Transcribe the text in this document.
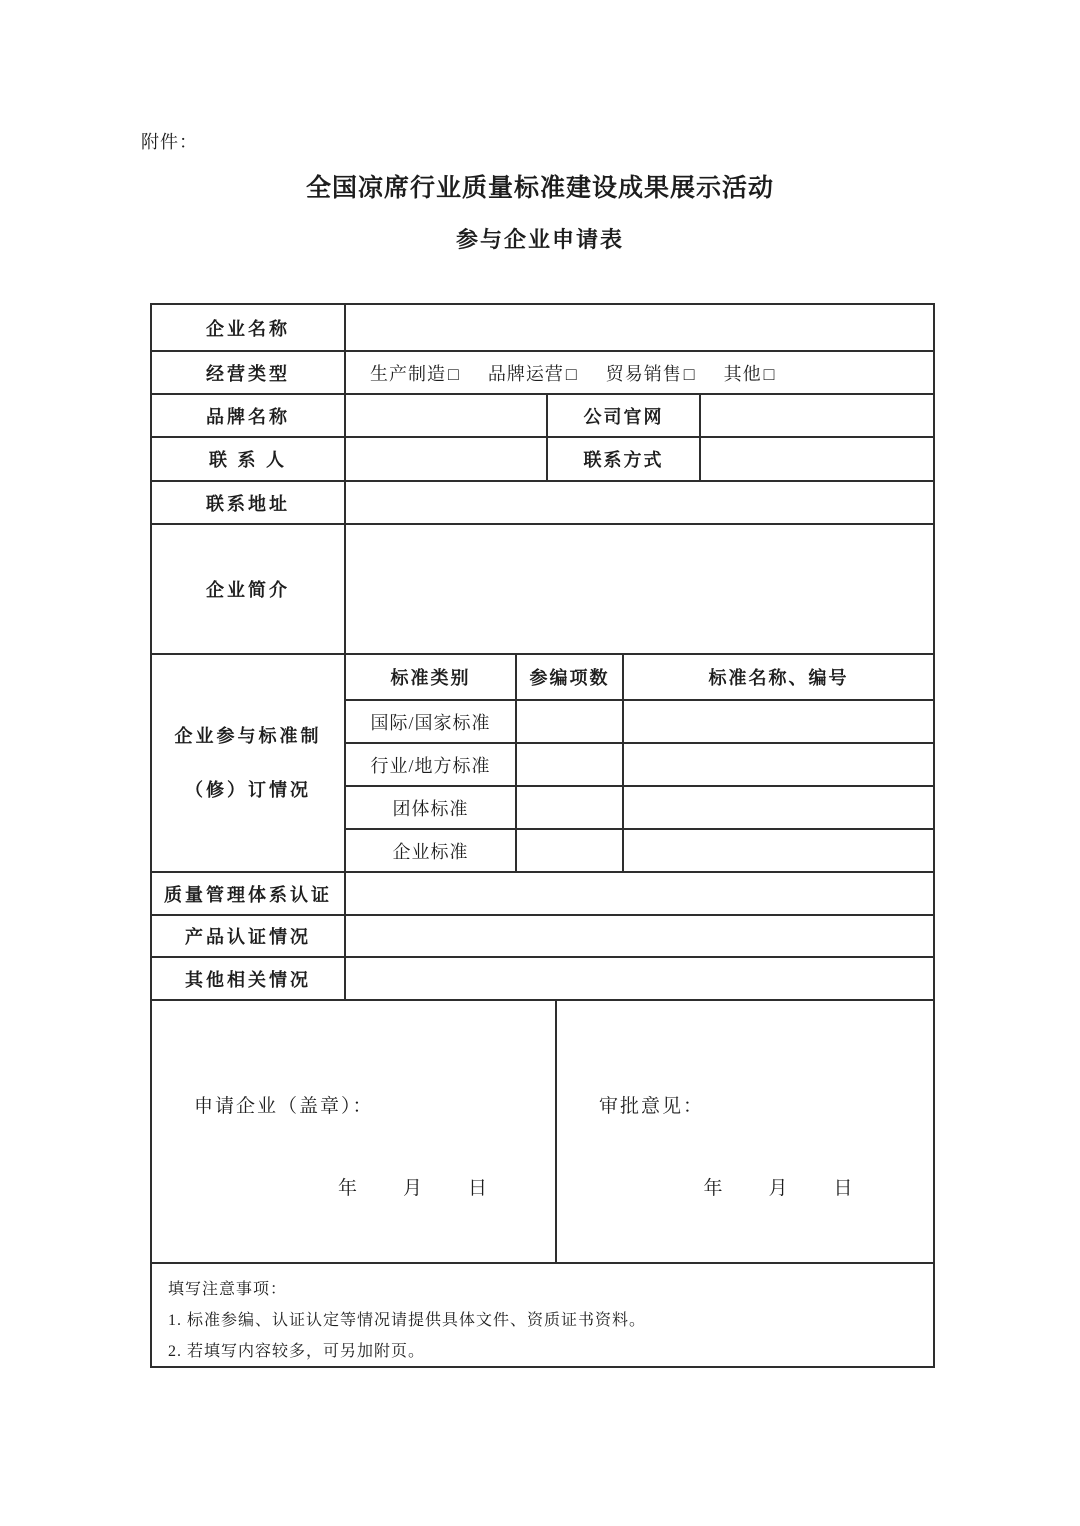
附件：
全国凉席行业质量标准建设成果展示活动
参与企业申请表
企业名称
经营类型	生产制造 □ 品牌运营 □ 贸易销售 □ 其他 □
品牌名称	公司官网
联 系 人	联系方式
联系地址
企业简介
企业参与标准制
（修）订情况
标准类别	参编项数	标准名称、编号
国际/国家标准
行业/地方标准
团体标准
企业标准
质量管理体系认证
产品认证情况
其他相关情况
申请企业（盖章）：
年 月 日
审批意见：
年 月 日
填写注意事项：
1. 标准参编、认证认定等情况请提供具体文件、资质证书资料。
2. 若填写内容较多，可另加附页。
